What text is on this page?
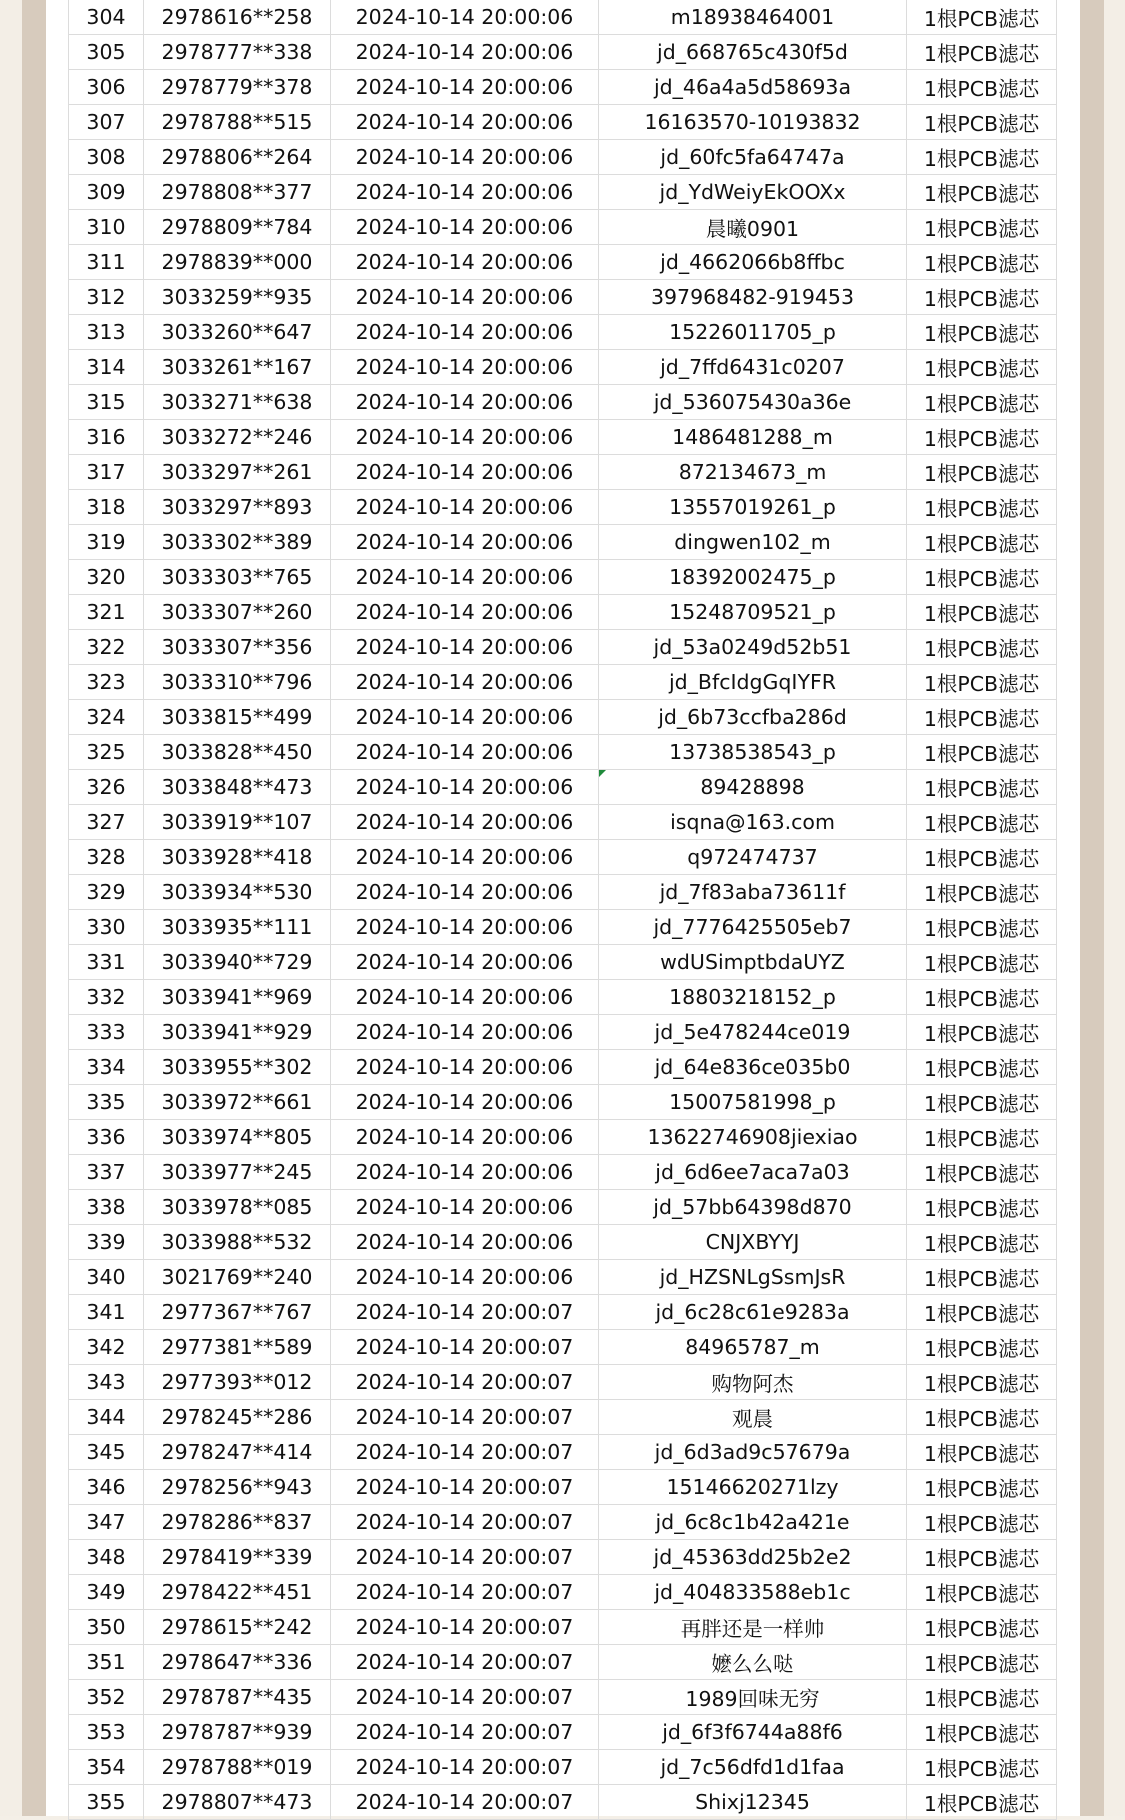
304	2978616**258	2024-10-14 20:00:06	m18938464001	1根PCB滤芯
305	2978777**338	2024-10-14 20:00:06	jd_668765c430f5d	1根PCB滤芯
306	2978779**378	2024-10-14 20:00:06	jd_46a4a5d58693a	1根PCB滤芯
307	2978788**515	2024-10-14 20:00:06	16163570-10193832	1根PCB滤芯
308	2978806**264	2024-10-14 20:00:06	jd_60fc5fa64747a	1根PCB滤芯
309	2978808**377	2024-10-14 20:00:06	jd_YdWeiyEkOOXx	1根PCB滤芯
310	2978809**784	2024-10-14 20:00:06	晨曦0901	1根PCB滤芯
311	2978839**000	2024-10-14 20:00:06	jd_4662066b8ffbc	1根PCB滤芯
312	3033259**935	2024-10-14 20:00:06	397968482-919453	1根PCB滤芯
313	3033260**647	2024-10-14 20:00:06	15226011705_p	1根PCB滤芯
314	3033261**167	2024-10-14 20:00:06	jd_7ffd6431c0207	1根PCB滤芯
315	3033271**638	2024-10-14 20:00:06	jd_536075430a36e	1根PCB滤芯
316	3033272**246	2024-10-14 20:00:06	1486481288_m	1根PCB滤芯
317	3033297**261	2024-10-14 20:00:06	872134673_m	1根PCB滤芯
318	3033297**893	2024-10-14 20:00:06	13557019261_p	1根PCB滤芯
319	3033302**389	2024-10-14 20:00:06	dingwen102_m	1根PCB滤芯
320	3033303**765	2024-10-14 20:00:06	18392002475_p	1根PCB滤芯
321	3033307**260	2024-10-14 20:00:06	15248709521_p	1根PCB滤芯
322	3033307**356	2024-10-14 20:00:06	jd_53a0249d52b51	1根PCB滤芯
323	3033310**796	2024-10-14 20:00:06	jd_BfcIdgGqIYFR	1根PCB滤芯
324	3033815**499	2024-10-14 20:00:06	jd_6b73ccfba286d	1根PCB滤芯
325	3033828**450	2024-10-14 20:00:06	13738538543_p	1根PCB滤芯
326	3033848**473	2024-10-14 20:00:06	89428898	1根PCB滤芯
327	3033919**107	2024-10-14 20:00:06	isqna@163.com	1根PCB滤芯
328	3033928**418	2024-10-14 20:00:06	q972474737	1根PCB滤芯
329	3033934**530	2024-10-14 20:00:06	jd_7f83aba73611f	1根PCB滤芯
330	3033935**111	2024-10-14 20:00:06	jd_7776425505eb7	1根PCB滤芯
331	3033940**729	2024-10-14 20:00:06	wdUSimptbdaUYZ	1根PCB滤芯
332	3033941**969	2024-10-14 20:00:06	18803218152_p	1根PCB滤芯
333	3033941**929	2024-10-14 20:00:06	jd_5e478244ce019	1根PCB滤芯
334	3033955**302	2024-10-14 20:00:06	jd_64e836ce035b0	1根PCB滤芯
335	3033972**661	2024-10-14 20:00:06	15007581998_p	1根PCB滤芯
336	3033974**805	2024-10-14 20:00:06	13622746908jiexiao	1根PCB滤芯
337	3033977**245	2024-10-14 20:00:06	jd_6d6ee7aca7a03	1根PCB滤芯
338	3033978**085	2024-10-14 20:00:06	jd_57bb64398d870	1根PCB滤芯
339	3033988**532	2024-10-14 20:00:06	CNJXBYYJ	1根PCB滤芯
340	3021769**240	2024-10-14 20:00:06	jd_HZSNLgSsmJsR	1根PCB滤芯
341	2977367**767	2024-10-14 20:00:07	jd_6c28c61e9283a	1根PCB滤芯
342	2977381**589	2024-10-14 20:00:07	84965787_m	1根PCB滤芯
343	2977393**012	2024-10-14 20:00:07	购物阿杰	1根PCB滤芯
344	2978245**286	2024-10-14 20:00:07	观晨	1根PCB滤芯
345	2978247**414	2024-10-14 20:00:07	jd_6d3ad9c57679a	1根PCB滤芯
346	2978256**943	2024-10-14 20:00:07	15146620271lzy	1根PCB滤芯
347	2978286**837	2024-10-14 20:00:07	jd_6c8c1b42a421e	1根PCB滤芯
348	2978419**339	2024-10-14 20:00:07	jd_45363dd25b2e2	1根PCB滤芯
349	2978422**451	2024-10-14 20:00:07	jd_404833588eb1c	1根PCB滤芯
350	2978615**242	2024-10-14 20:00:07	再胖还是一样帅	1根PCB滤芯
351	2978647**336	2024-10-14 20:00:07	嬷么么哒	1根PCB滤芯
352	2978787**435	2024-10-14 20:00:07	1989回味无穷	1根PCB滤芯
353	2978787**939	2024-10-14 20:00:07	jd_6f3f6744a88f6	1根PCB滤芯
354	2978788**019	2024-10-14 20:00:07	jd_7c56dfd1d1faa	1根PCB滤芯
355	2978807**473	2024-10-14 20:00:07	Shixj12345	1根PCB滤芯
